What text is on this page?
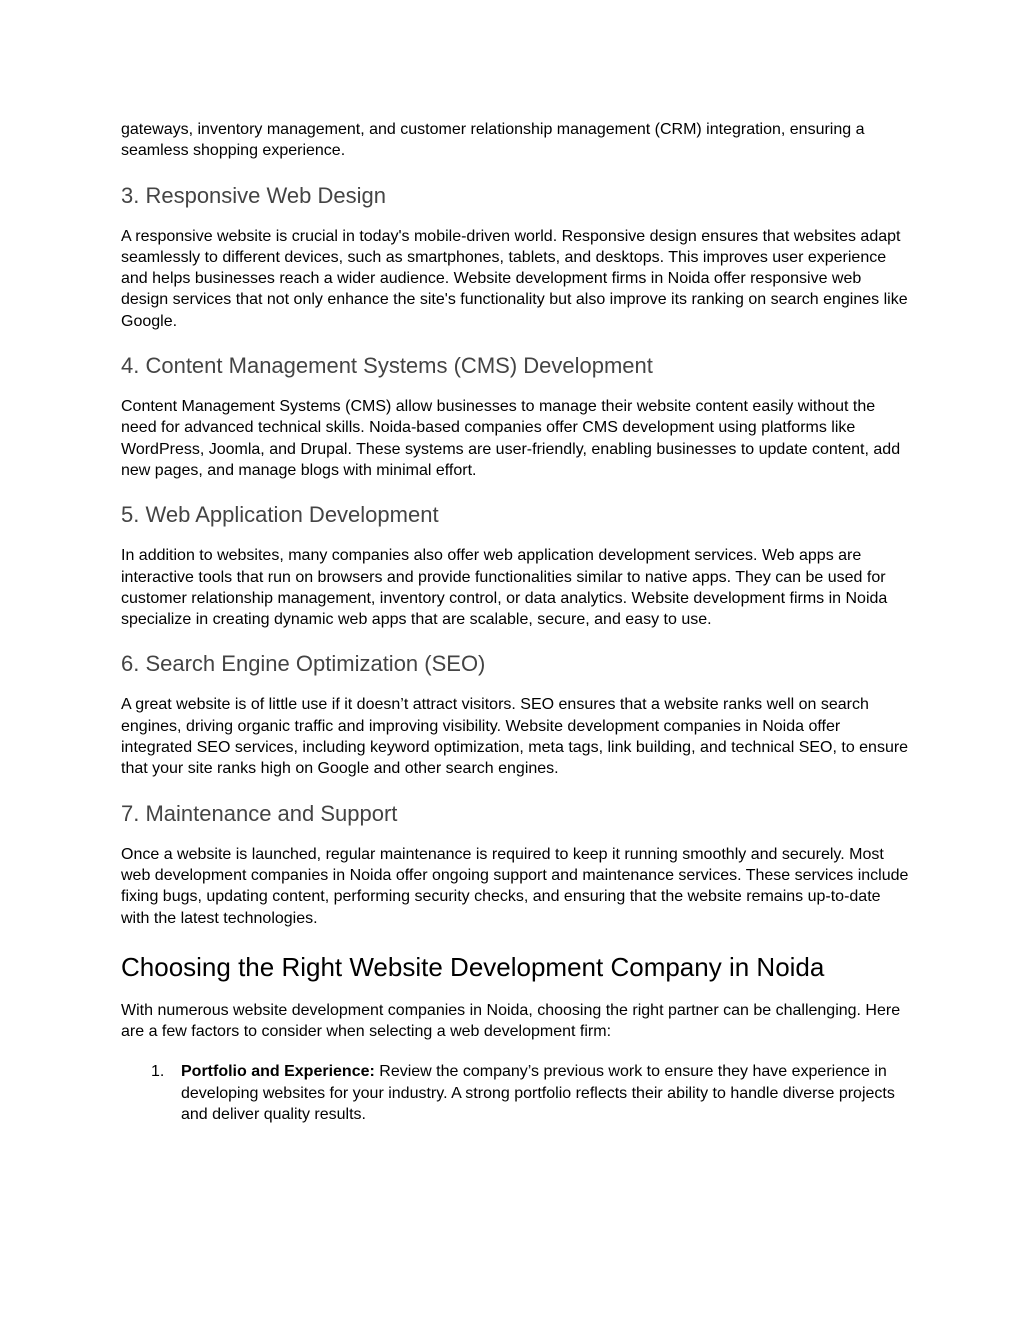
gateways, inventory management, and customer relationship management (CRM) integration, ensuring a seamless shopping experience.

3. Responsive Web Design

A responsive website is crucial in today's mobile-driven world. Responsive design ensures that websites adapt seamlessly to different devices, such as smartphones, tablets, and desktops. This improves user experience and helps businesses reach a wider audience. Website development firms in Noida offer responsive web design services that not only enhance the site's functionality but also improve its ranking on search engines like Google.

4. Content Management Systems (CMS) Development

Content Management Systems (CMS) allow businesses to manage their website content easily without the need for advanced technical skills. Noida-based companies offer CMS development using platforms like WordPress, Joomla, and Drupal. These systems are user-friendly, enabling businesses to update content, add new pages, and manage blogs with minimal effort.

5. Web Application Development

In addition to websites, many companies also offer web application development services. Web apps are interactive tools that run on browsers and provide functionalities similar to native apps. They can be used for customer relationship management, inventory control, or data analytics. Website development firms in Noida specialize in creating dynamic web apps that are scalable, secure, and easy to use.

6. Search Engine Optimization (SEO)

A great website is of little use if it doesn’t attract visitors. SEO ensures that a website ranks well on search engines, driving organic traffic and improving visibility. Website development companies in Noida offer integrated SEO services, including keyword optimization, meta tags, link building, and technical SEO, to ensure that your site ranks high on Google and other search engines.

7. Maintenance and Support

Once a website is launched, regular maintenance is required to keep it running smoothly and securely. Most web development companies in Noida offer ongoing support and maintenance services. These services include fixing bugs, updating content, performing security checks, and ensuring that the website remains up-to-date with the latest technologies.

Choosing the Right Website Development Company in Noida

With numerous website development companies in Noida, choosing the right partner can be challenging. Here are a few factors to consider when selecting a web development firm:

1. Portfolio and Experience: Review the company’s previous work to ensure they have experience in developing websites for your industry. A strong portfolio reflects their ability to handle diverse projects and deliver quality results.
